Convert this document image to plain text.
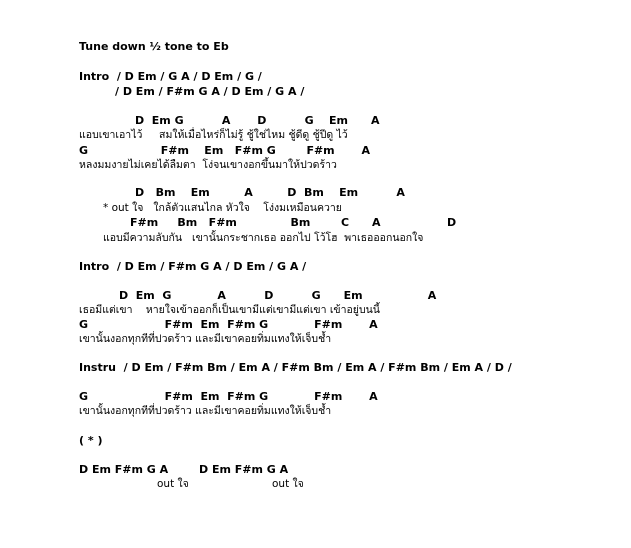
Tune down ½ tone to Eb

Intro  / D Em / G A / D Em / G /

/ D Em / F#m G A / D Em / G A /

D  Em G          A       D          G    Em      A

แอบเขาเอาไว้     สมให้เมื่อไหร่ก็ไม่รู้ ชู้ใช่ไหม ชู้ดีดู ชู้ปีดู ไว้

G                   F#m    Em   F#m G        F#m       A

หลงมมงายไม่เคยได้ลืมตา  โง่จนเขางอกขึ้นมาให้ปวดร้าว

D   Bm    Em         A         D  Bm    Em          A

* out ใจ   ใกล้ตัวแสนไกล หัวใจ    โง่งมเหมือนควาย

F#m     Bm   F#m              Bm        C      A	D

แอบมีความลับกัน   เขานั้นกระชากเธอ ออกไป โว้โฮ  พาเธอออกนอกใจ

Intro  / D Em / F#m G A / D Em / G A /

D  Em  G            A          D          G      Em                 A

เธอมีแต่เขา    หายใจเข้าออกก็เป็นเขามีแต่เขามีแต่เขา เข้าอยู่บนนี้

G                    F#m  Em  F#m G            F#m       A

เขานั้นงอกทุกทีที่ปวดร้าว และมีเขาคอยทิ่มแทงให้เจ็บช้ำ

Instru  / D Em / F#m Bm / Em A / F#m Bm / Em A / F#m Bm / Em A / D /

G                    F#m  Em  F#m G            F#m       A

เขานั้นงอกทุกทีที่ปวดร้าว และมีเขาคอยทิ่มแทงให้เจ็บช้ำ

( * )

D Em F#m G A	D Em F#m G A

out ใจ	out ใจ
